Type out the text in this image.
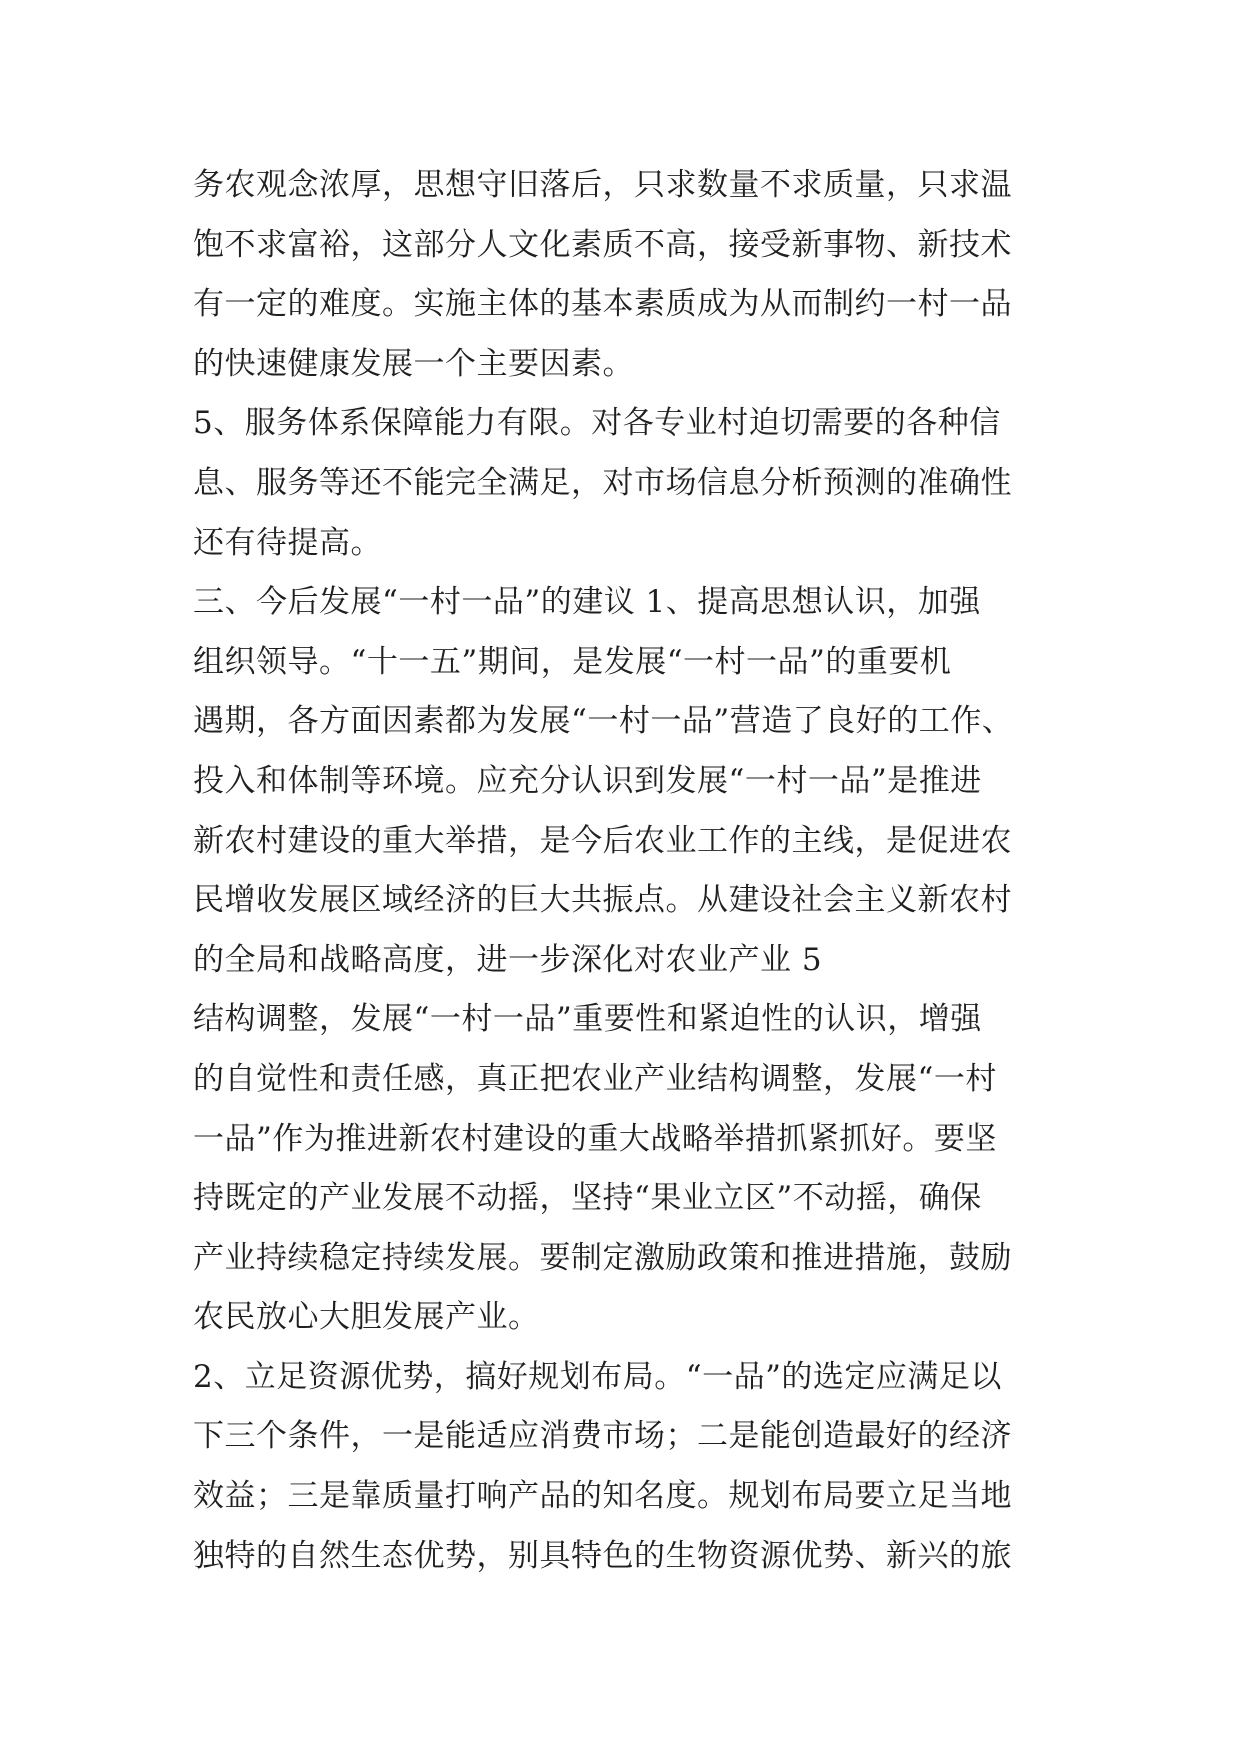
务农观念浓厚，思想守旧落后，只求数量不求质量，只求温
饱不求富裕，这部分人文化素质不高，接受新事物、新技术
有一定的难度。实施主体的基本素质成为从而制约一村一品
的快速健康发展一个主要因素。
5、服务体系保障能力有限。对各专业村迫切需要的各种信
息、服务等还不能完全满足，对市场信息分析预测的准确性
还有待提高。
三、今后发展“一村一品”的建议 1、提高思想认识，加强
组织领导。“十一五”期间，是发展“一村一品”的重要机
遇期，各方面因素都为发展“一村一品”营造了良好的工作、
投入和体制等环境。应充分认识到发展“一村一品”是推进
新农村建设的重大举措，是今后农业工作的主线，是促进农
民增收发展区域经济的巨大共振点。从建设社会主义新农村
的全局和战略高度，进一步深化对农业产业 5
结构调整，发展“一村一品”重要性和紧迫性的认识，增强
的自觉性和责任感，真正把农业产业结构调整，发展“一村
一品”作为推进新农村建设的重大战略举措抓紧抓好。要坚
持既定的产业发展不动摇，坚持“果业立区”不动摇，确保
产业持续稳定持续发展。要制定激励政策和推进措施，鼓励
农民放心大胆发展产业。
2、立足资源优势，搞好规划布局。“一品”的选定应满足以
下三个条件，一是能适应消费市场；二是能创造最好的经济
效益；三是靠质量打响产品的知名度。规划布局要立足当地
独特的自然生态优势，别具特色的生物资源优势、新兴的旅
